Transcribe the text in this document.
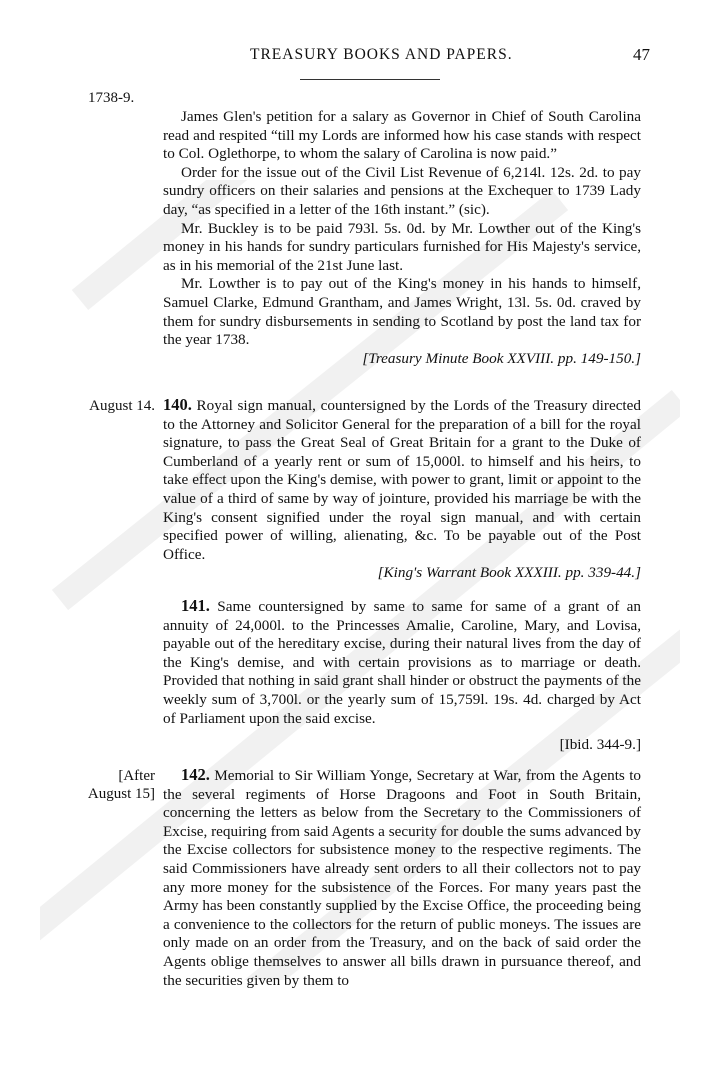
TREASURY BOOKS AND PAPERS.	47
1738-9.

James Glen's petition for a salary as Governor in Chief of South Carolina read and respited “till my Lords are informed how his case stands with respect to Col. Oglethorpe, to whom the salary of Carolina is now paid.”

Order for the issue out of the Civil List Revenue of 6,214l. 12s. 2d. to pay sundry officers on their salaries and pensions at the Exchequer to 1739 Lady day, “as specified in a letter of the 16th instant.” (sic).

Mr. Buckley is to be paid 793l. 5s. 0d. by Mr. Lowther out of the King's money in his hands for sundry particulars furnished for His Majesty's service, as in his memorial of the 21st June last.

Mr. Lowther is to pay out of the King's money in his hands to himself, Samuel Clarke, Edmund Grantham, and James Wright, 13l. 5s. 0d. craved by them for sundry disbursements in sending to Scotland by post the land tax for the year 1738.

[Treasury Minute Book XXVIII. pp. 149-150.]

August 14. 140. Royal sign manual, countersigned by the Lords of the Treasury directed to the Attorney and Solicitor General for the preparation of a bill for the royal signature, to pass the Great Seal of Great Britain for a grant to the Duke of Cumberland of a yearly rent or sum of 15,000l. to himself and his heirs, to take effect upon the King's demise, with power to grant, limit or appoint to the value of a third of same by way of jointure, provided his marriage be with the King's consent signified under the royal sign manual, and with certain specified power of willing, alienating, &c. To be payable out of the Post Office.

[King's Warrant Book XXXIII. pp. 339-44.]

141. Same countersigned by same to same for same of a grant of an annuity of 24,000l. to the Princesses Amalie, Caroline, Mary, and Lovisa, payable out of the hereditary excise, during their natural lives from the day of the King's demise, and with certain provisions as to marriage or death. Provided that nothing in said grant shall hinder or obstruct the payments of the weekly sum of 3,700l. or the yearly sum of 15,759l. 19s. 4d. charged by Act of Parliament upon the said excise.

[Ibid. 344-9.]

[After
August 15]

142. Memorial to Sir William Yonge, Secretary at War, from the Agents to the several regiments of Horse Dragoons and Foot in South Britain, concerning the letters as below from the Secretary to the Commissioners of Excise, requiring from said Agents a security for double the sums advanced by the Excise collectors for subsistence money to the respective regiments. The said Commissioners have already sent orders to all their collectors not to pay any more money for the subsistence of the Forces. For many years past the Army has been constantly supplied by the Excise Office, the proceeding being a convenience to the collectors for the return of public moneys. The issues are only made on an order from the Treasury, and on the back of said order the Agents oblige themselves to answer all bills drawn in pursuance thereof, and the securities given by them to
